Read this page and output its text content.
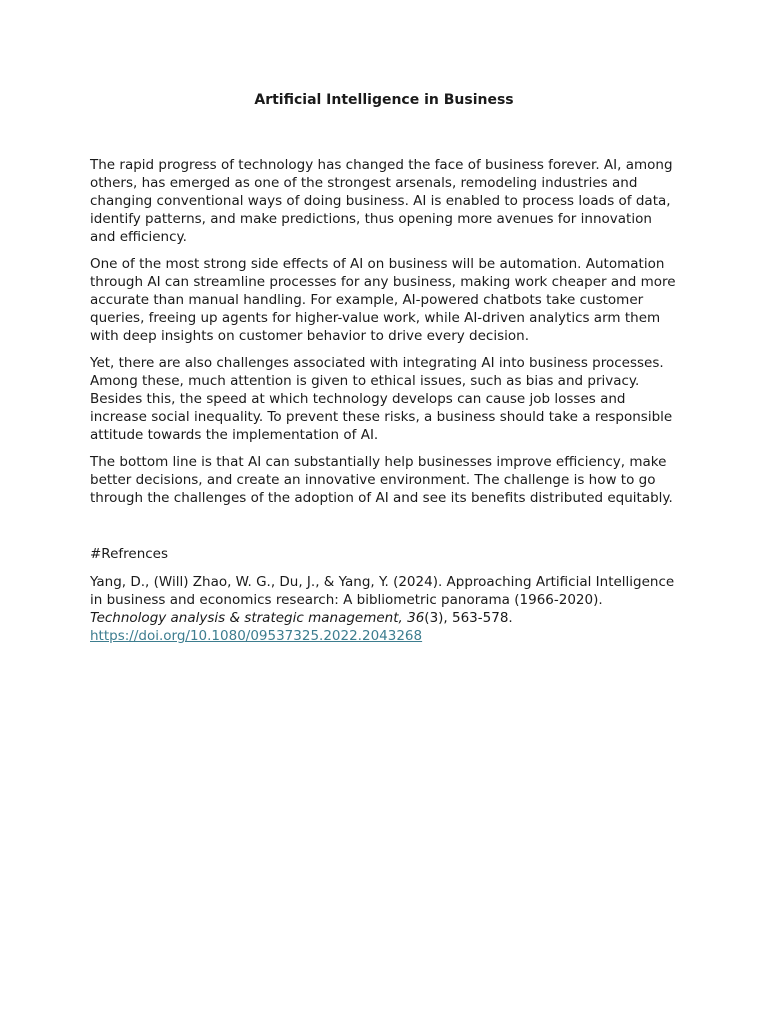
Artificial Intelligence in Business

The rapid progress of technology has changed the face of business forever. AI, among others, has emerged as one of the strongest arsenals, remodeling industries and changing conventional ways of doing business. AI is enabled to process loads of data, identify patterns, and make predictions, thus opening more avenues for innovation and efficiency.

One of the most strong side effects of AI on business will be automation. Automation through AI can streamline processes for any business, making work cheaper and more accurate than manual handling. For example, AI-powered chatbots take customer queries, freeing up agents for higher-value work, while AI-driven analytics arm them with deep insights on customer behavior to drive every decision.

Yet, there are also challenges associated with integrating AI into business processes. Among these, much attention is given to ethical issues, such as bias and privacy. Besides this, the speed at which technology develops can cause job losses and increase social inequality. To prevent these risks, a business should take a responsible attitude towards the implementation of AI.

The bottom line is that AI can substantially help businesses improve efficiency, make better decisions, and create an innovative environment. The challenge is how to go through the challenges of the adoption of AI and see its benefits distributed equitably.

#Refrences

Yang, D., (Will) Zhao, W. G., Du, J., & Yang, Y. (2024). Approaching Artificial Intelligence in business and economics research: A bibliometric panorama (1966-2020). Technology analysis & strategic management, 36(3), 563-578.
https://doi.org/10.1080/09537325.2022.2043268
